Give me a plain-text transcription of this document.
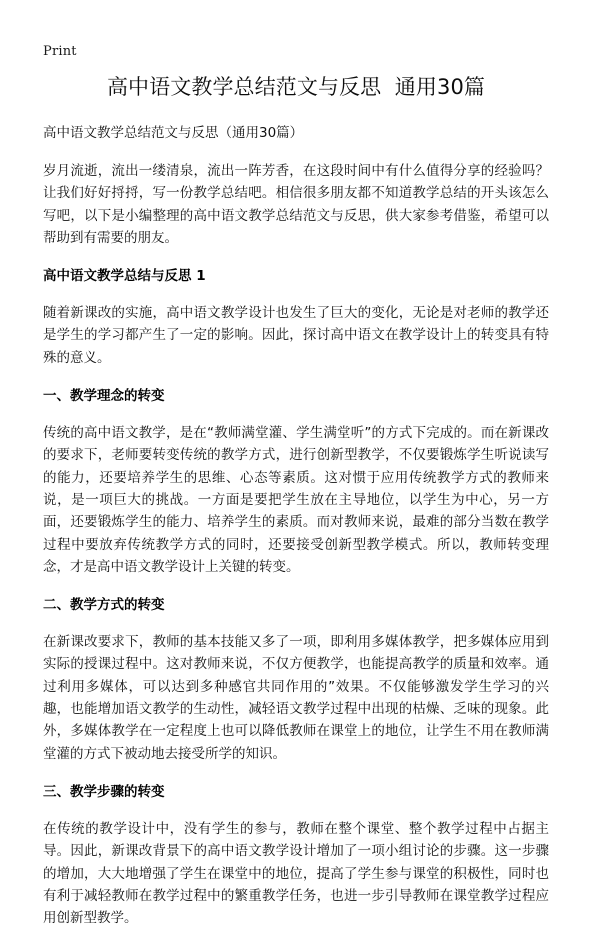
Print
高中语文教学总结范文与反思  通用30篇

高中语文教学总结范文与反思（通用30篇）

岁月流逝，流出一缕清泉，流出一阵芳香，在这段时间中有什么值得分享的经验吗？让我们好好捋捋，写一份教学总结吧。相信很多朋友都不知道教学总结的开头该怎么写吧，以下是小编整理的高中语文教学总结范文与反思，供大家参考借鉴，希望可以帮助到有需要的朋友。

高中语文教学总结与反思 1

随着新课改的实施，高中语文教学设计也发生了巨大的变化，无论是对老师的教学还是学生的学习都产生了一定的影响。因此，探讨高中语文在教学设计上的转变具有特殊的意义。

一、教学理念的转变

传统的高中语文教学，是在“教师满堂灌、学生满堂听”的方式下完成的。而在新课改的要求下，老师要转变传统的教学方式，进行创新型教学，不仅要锻炼学生听说读写的能力，还要培养学生的思维、心态等素质。这对惯于应用传统教学方式的教师来说，是一项巨大的挑战。一方面是要把学生放在主导地位，以学生为中心，另一方面，还要锻炼学生的能力、培养学生的素质。而对教师来说，最难的部分当数在教学过程中要放弃传统教学方式的同时，还要接受创新型教学模式。所以，教师转变理念，才是高中语文教学设计上关键的转变。

二、教学方式的转变

在新课改要求下，教师的基本技能又多了一项，即利用多媒体教学，把多媒体应用到实际的授课过程中。这对教师来说，不仅方便教学，也能提高教学的质量和效率。通过利用多媒体，可以达到多种感官共同作用的”效果。不仅能够激发学生学习的兴趣，也能增加语文教学的生动性，减轻语文教学过程中出现的枯燥、乏味的现象。此外，多媒体教学在一定程度上也可以降低教师在课堂上的地位，让学生不用在教师满堂灌的方式下被动地去接受所学的知识。

三、教学步骤的转变

在传统的教学设计中，没有学生的参与，教师在整个课堂、整个教学过程中占据主导。因此，新课改背景下的高中语文教学设计增加了一项小组讨论的步骤。这一步骤的增加，大大地增强了学生在课堂中的地位，提高了学生参与课堂的积极性，同时也有利于减轻教师在教学过程中的繁重教学任务，也进一步引导教师在课堂教学过程应用创新型教学。
